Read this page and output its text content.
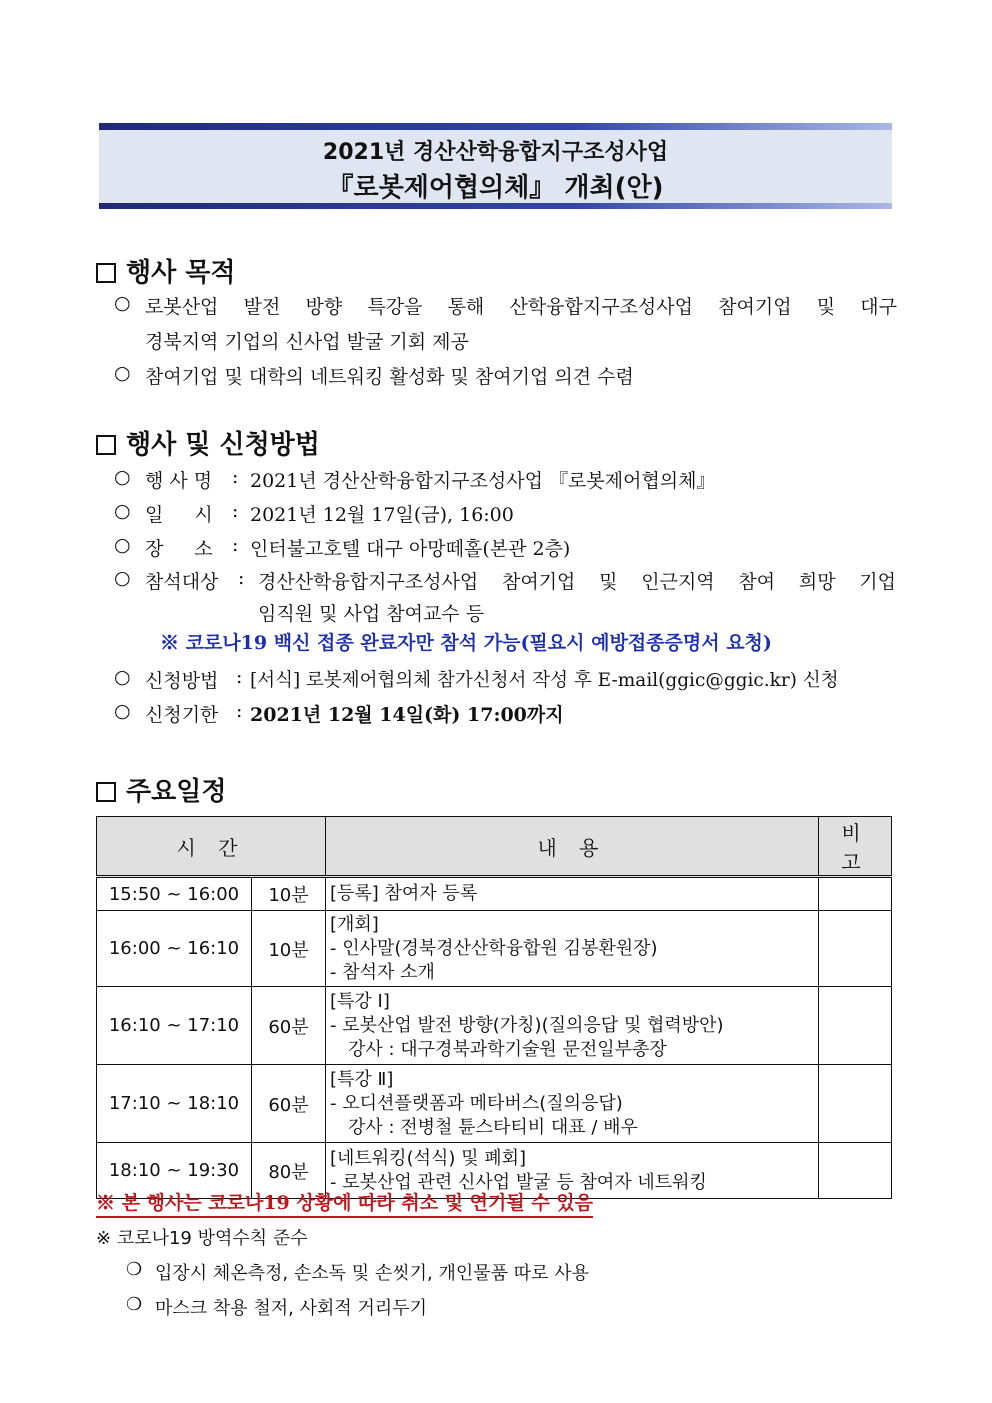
2021년 경산산학융합지구조성사업
『로봇제어협의체』 개최(안)
행사 목적
○ 로봇산업 발전 방향 특강을 통해 산학융합지구조성사업 참여기업 및 대구
경북지역 기업의 신사업 발굴 기회 제공
○ 참여기업 및 대학의 네트워킹 활성화 및 참여기업 의견 수렴
행사 및 신청방법
○ 행 사 명 : 2021년 경산산학융합지구조성사업 『로봇제어협의체』
○ 일 　 시 : 2021년 12월 17일(금), 16:00
○ 장 　 소 : 인터불고호텔 대구 아망떼홀(본관 2층)
○ 참석대상 : 경산산학융합지구조성사업 참여기업 및 인근지역 참여 희망 기업
임직원 및 사업 참여교수 등
※ 코로나19 백신 접종 완료자만 참석 가능(필요시 예방접종증명서 요청)
○ 신청방법 : [서식] 로봇제어협의체 참가신청서 작성 후 E-mail(ggic@ggic.kr) 신청
○ 신청기한 : 2021년 12월 14일(화) 17:00까지
주요일정
시 간		내 용	비 고
15:50 ~ 16:00	10분	[등록] 참여자 등록	

16:00 ~ 16:10	10분	[개회]
- 인사말(경북경산산학융합원 김봉환원장)
- 참석자 소개	

16:10 ~ 17:10	60분	[특강 Ⅰ]
- 로봇산업 발전 방향(가칭)(질의응답 및 협력방안)
　강사 : 대구경북과학기술원 문전일부총장	

17:10 ~ 18:10	60분	[특강 Ⅱ]
- 오디션플랫폼과 메타버스(질의응답)
　강사 : 전병철 튠스타티비 대표 / 배우	

18:10 ~ 19:30	80분	[네트워킹(석식) 및 폐회]
- 로봇산업 관련 신사업 발굴 등 참여자 네트워킹	

※ 본 행사는 코로나19 상황에 따라 취소 및 연기될 수 있음
※ 코로나19 방역수칙 준수
❍ 입장시 체온측정, 손소독 및 손씻기, 개인물품 따로 사용
❍ 마스크 착용 철저, 사회적 거리두기
